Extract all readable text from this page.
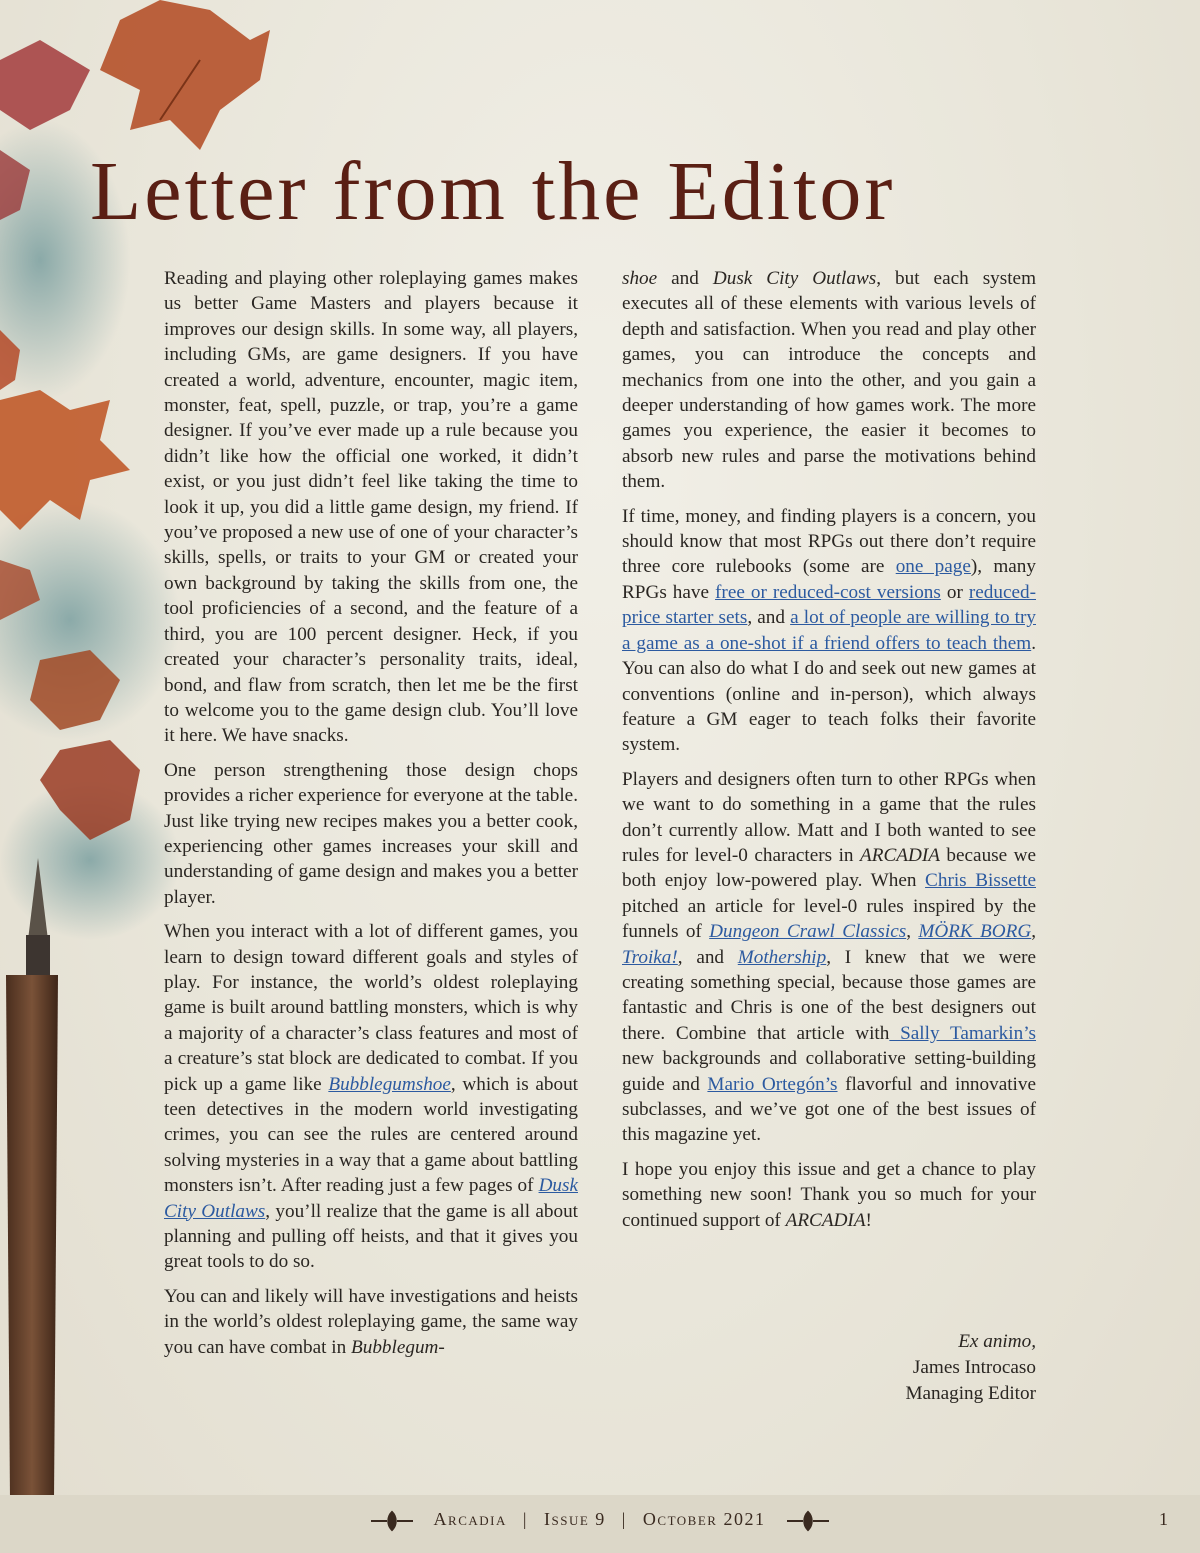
Letter from the Editor

Reading and playing other roleplaying games makes us better Game Masters and players because it improves our design skills. In some way, all players, including GMs, are game designers. If you have created a world, adventure, encounter, magic item, monster, feat, spell, puzzle, or trap, you’re a game designer. If you’ve ever made up a rule because you didn’t like how the official one worked, it didn’t exist, or you just didn’t feel like taking the time to look it up, you did a little game design, my friend. If you’ve proposed a new use of one of your character’s skills, spells, or traits to your GM or created your own background by taking the skills from one, the tool proficiencies of a second, and the feature of a third, you are 100 percent designer. Heck, if you created your character’s personality traits, ideal, bond, and flaw from scratch, then let me be the first to welcome you to the game design club. You’ll love it here. We have snacks.

One person strengthening those design chops provides a richer experience for everyone at the table. Just like trying new recipes makes you a better cook, experiencing other games increases your skill and understanding of game design and makes you a better player.

When you interact with a lot of different games, you learn to design toward different goals and styles of play. For instance, the world’s oldest roleplaying game is built around battling monsters, which is why a majority of a character’s class features and most of a creature’s stat block are dedicated to combat. If you pick up a game like Bubblegumshoe, which is about teen detectives in the modern world investigating crimes, you can see the rules are centered around solving mysteries in a way that a game about battling monsters isn’t. After reading just a few pages of Dusk City Outlaws, you’ll realize that the game is all about planning and pulling off heists, and that it gives you great tools to do so.

You can and likely will have investigations and heists in the world’s oldest roleplaying game, the same way you can have combat in Bubblegum-

shoe and Dusk City Outlaws, but each system executes all of these elements with various levels of depth and satisfaction. When you read and play other games, you can introduce the concepts and mechanics from one into the other, and you gain a deeper understanding of how games work. The more games you experience, the easier it becomes to absorb new rules and parse the motivations behind them.

If time, money, and finding players is a concern, you should know that most RPGs out there don’t require three core rulebooks (some are one page), many RPGs have free or reduced-cost versions or reduced-price starter sets, and a lot of people are willing to try a game as a one-shot if a friend offers to teach them. You can also do what I do and seek out new games at conventions (online and in-person), which always feature a GM eager to teach folks their favorite system.

Players and designers often turn to other RPGs when we want to do something in a game that the rules don’t currently allow. Matt and I both wanted to see rules for level-0 characters in ARCADIA because we both enjoy low-powered play. When Chris Bissette pitched an article for level-0 rules inspired by the funnels of Dungeon Crawl Classics, MÖRK BORG, Troika!, and Mothership, I knew that we were creating something special, because those games are fantastic and Chris is one of the best designers out there. Combine that article with Sally Tamarkin’s new backgrounds and collaborative setting-building guide and Mario Ortegón’s flavorful and innovative subclasses, and we’ve got one of the best issues of this magazine yet.

I hope you enjoy this issue and get a chance to play something new soon! Thank you so much for your continued support of ARCADIA!

Ex animo,
James Introcaso
Managing Editor
Arcadia | Issue 9 | October 2021	1
